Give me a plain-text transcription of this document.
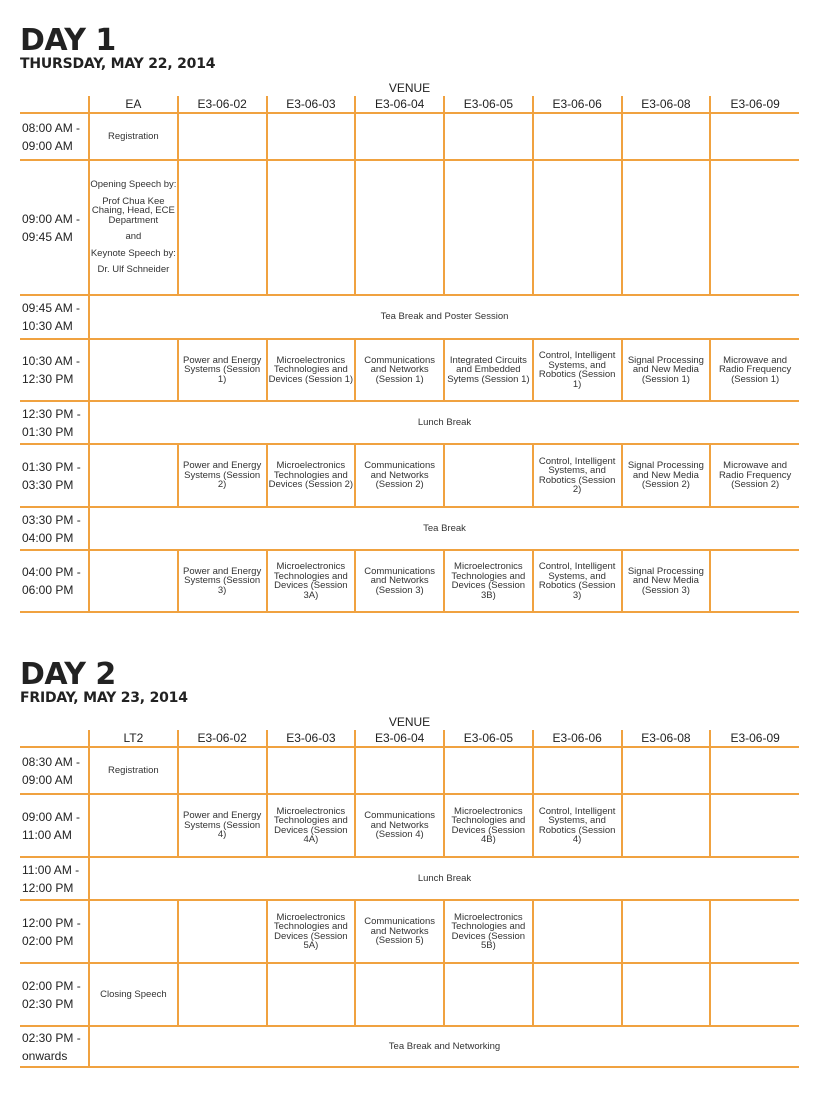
DAY 1
THURSDAY, MAY 22, 2014
VENUE
	EA	E3-06-02	E3-06-03	E3-06-04	E3-06-05	E3-06-06	E3-06-08	E3-06-09
08:00 AM - 09:00 AM	Registration							
09:00 AM - 09:45 AM	Opening Speech by:

Prof Chua Kee Chaing, Head, ECE Department

and

Keynote Speech by:

Dr. Ulf Schneider							

09:45 AM - 10:30 AM	Tea Break and Poster Session							
10:30 AM - 12:30 PM		Power and Energy Systems (Session 1)	Microelectronics Technologies and Devices (Session 1)	Communications and Networks (Session 1)	Integrated Circuits and Embedded Sytems (Session 1)	Control, Intelligent Systems, and Robotics (Session 1)	Signal Processing and New Media (Session 1)	Microwave and Radio Frequency (Session 1)
12:30 PM - 01:30 PM	Lunch Break							
01:30 PM - 03:30 PM		Power and Energy Systems (Session 2)	Microelectronics Technologies and Devices (Session 2)	Communications and Networks (Session 2)		Control, Intelligent Systems, and Robotics (Session 2)	Signal Processing and New Media (Session 2)	Microwave and Radio Frequency (Session 2)
03:30 PM - 04:00 PM	Tea Break							
04:00 PM - 06:00 PM		Power and Energy Systems (Session 3)	Microelectronics Technologies and Devices (Session 3A)	Communications and Networks (Session 3)	Microelectronics Technologies and Devices (Session 3B)	Control, Intelligent Systems, and Robotics (Session 3)	Signal Processing and New Media (Session 3)	
DAY 2
FRIDAY, MAY 23, 2014
VENUE
	LT2	E3-06-02	E3-06-03	E3-06-04	E3-06-05	E3-06-06	E3-06-08	E3-06-09
08:30 AM - 09:00 AM	Registration							
09:00 AM - 11:00 AM		Power and Energy Systems (Session 4)	Microelectronics Technologies and Devices (Session 4A)	Communications and Networks (Session 4)	Microelectronics Technologies and Devices (Session 4B)	Control, Intelligent Systems, and Robotics (Session 4)		
11:00 AM - 12:00 PM	Lunch Break							
12:00 PM - 02:00 PM			Microelectronics Technologies and Devices (Session 5A)	Communications and Networks (Session 5)	Microelectronics Technologies and Devices (Session 5B)			
02:00 PM - 02:30 PM	Closing Speech							
02:30 PM - onwards	Tea Break and Networking							
